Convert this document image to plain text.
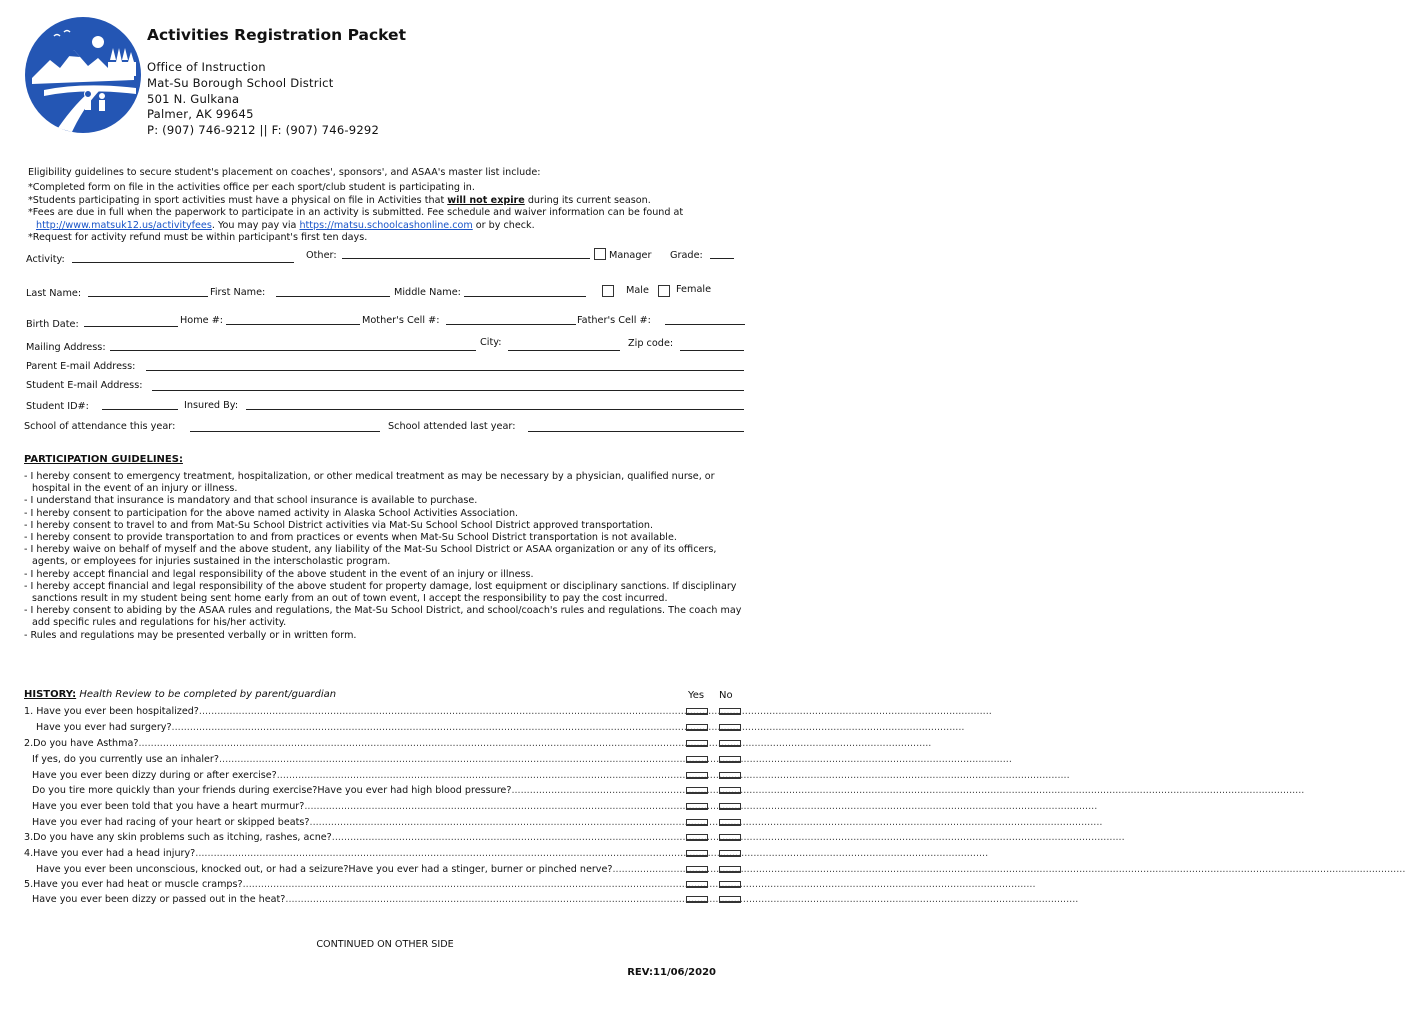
Activities Registration Packet
Office of Instruction
Mat-Su Borough School District
501 N. Gulkana
Palmer, AK 99645
P: (907) 746-9212 || F: (907) 746-9292
Eligibility guidelines to secure student's placement on coaches', sponsors', and ASAA's master list include:
*Completed form on file in the activities office per each sport/club student is participating in.
*Students participating in sport activities must have a physical on file in Activities that will not expire during its current season.
*Fees are due in full when the paperwork to participate in an activity is submitted. Fee schedule and waiver information can be found at
http://www.matsuk12.us/activityfees. You may pay via https://matsu.schoolcashonline.com or by check.
*Request for activity refund must be within participant's first ten days.
Activity:	Other:	Manager Grade:
Last Name:	First Name:	Middle Name:	Male	Female
Birth Date:	Home #:	Mother's Cell #:	Father's Cell #:
Mailing Address:	City:	Zip code:
Parent E-mail Address:
Student E-mail Address:
Student ID#:	Insured By:
School of attendance this year:	School attended last year:
PARTICIPATION GUIDELINES:
- I hereby consent to emergency treatment, hospitalization, or other medical treatment as may be necessary by a physician, qualified nurse, or hospital in the event of an injury or illness.
- I understand that insurance is mandatory and that school insurance is available to purchase.
- I hereby consent to participation for the above named activity in Alaska School Activities Association.
- I hereby consent to travel to and from Mat-Su School District activities via Mat-Su School School District approved transportation.
- I hereby consent to provide transportation to and from practices or events when Mat-Su School District transportation is not available.
- I hereby waive on behalf of myself and the above student, any liability of the Mat-Su School District or ASAA organization or any of its officers, agents, or employees for injuries sustained in the interscholastic program.
- I hereby accept financial and legal responsibility of the above student in the event of an injury or illness.
- I hereby accept financial and legal responsibility of the above student for property damage, lost equipment or disciplinary sanctions. If disciplinary sanctions result in my student being sent home early from an out of town event, I accept the responsibility to pay the cost incurred.
- I hereby consent to abiding by the ASAA rules and regulations, the Mat-Su School District, and school/coach's rules and regulations. The coach may add specific rules and regulations for his/her activity.
- Rules and regulations may be presented verbally or in written form.
HISTORY: Health Review to be completed by parent/guardian	Yes No
1. Have you ever been hospitalized?....................................................................................................................................................................................................................................................................
Have you ever had surgery?....................................................................................................................................................................................................................................................................
2.Do you have Asthma?....................................................................................................................................................................................................................................................................
If yes, do you currently use an inhaler?....................................................................................................................................................................................................................................................................
Have you ever been dizzy during or after exercise?....................................................................................................................................................................................................................................................................
Do you tire more quickly than your friends during exercise?Have you ever had high blood pressure?....................................................................................................................................................................................................................................................................
Have you ever been told that you have a heart murmur?....................................................................................................................................................................................................................................................................
Have you ever had racing of your heart or skipped beats?....................................................................................................................................................................................................................................................................
3.Do you have any skin problems such as itching, rashes, acne?....................................................................................................................................................................................................................................................................
4.Have you ever had a head injury?....................................................................................................................................................................................................................................................................
Have you ever been unconscious, knocked out, or had a seizure?Have you ever had a stinger, burner or pinched nerve?....................................................................................................................................................................................................................................................................
5.Have you ever had heat or muscle cramps?....................................................................................................................................................................................................................................................................
Have you ever been dizzy or passed out in the heat?....................................................................................................................................................................................................................................................................
CONTINUED ON OTHER SIDE
REV:11/06/2020
